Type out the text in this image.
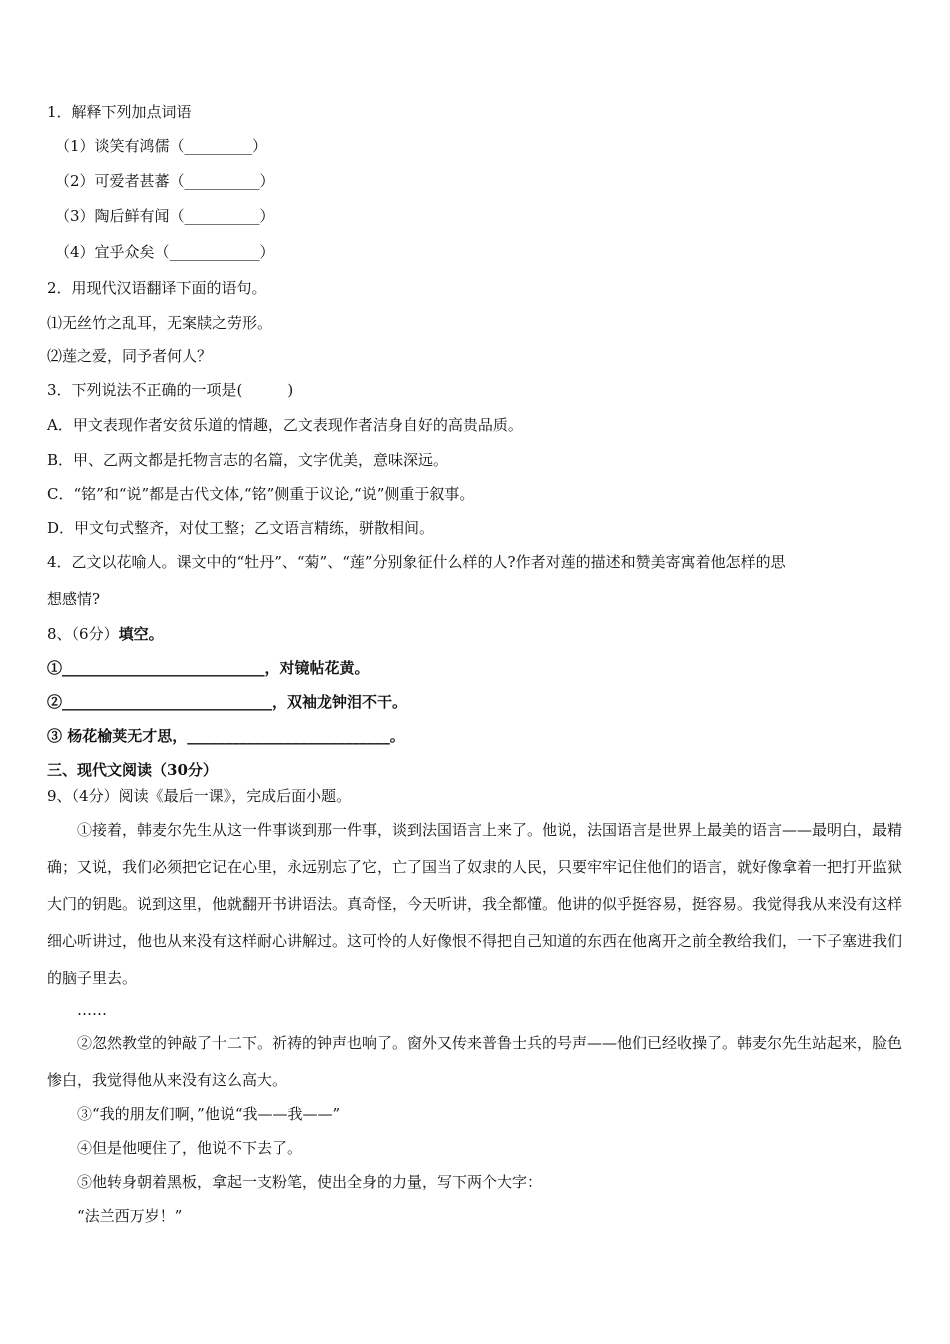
1．解释下列加点词语
（1）谈笑有鸿儒（_________）
（2）可爱者甚蕃（__________）
（3）陶后鲜有闻（__________）
（4）宜乎众矣（____________）
2．用现代汉语翻译下面的语句。
⑴无丝竹之乱耳，无案牍之劳形。
⑵莲之爱，同予者何人？
3．下列说法不正确的一项是(　　　)
A．甲文表现作者安贫乐道的情趣，乙文表现作者洁身自好的高贵品质。
B．甲、乙两文都是托物言志的名篇，文字优美，意味深远。
C．“铭”和“说”都是古代文体,“铭”侧重于议论,“说”侧重于叙事。
D．甲文句式整齐，对仗工整；乙文语言精练，骈散相间。
4．乙文以花喻人。课文中的“牡丹”、“菊”、“莲”分别象征什么样的人?作者对莲的描述和赞美寄寓着他怎样的思
想感情?
8、（6分）填空。
①___________________________，对镜帖花黄。
②____________________________，双袖龙钟泪不干。
③ 杨花榆荚无才思，___________________________。
三、现代文阅读（30分）
9、（4分）阅读《最后一课》，完成后面小题。
①接着，韩麦尔先生从这一件事谈到那一件事，谈到法国语言上来了。他说，法国语言是世界上最美的语言——最明白，最精确；又说，我们必须把它记在心里，永远别忘了它，亡了国当了奴隶的人民，只要牢牢记住他们的语言，就好像拿着一把打开监狱大门的钥匙。说到这里，他就翻开书讲语法。真奇怪，今天听讲，我全都懂。他讲的似乎挺容易，挺容易。我觉得我从来没有这样细心听讲过，他也从来没有这样耐心讲解过。这可怜的人好像恨不得把自己知道的东西在他离开之前全教给我们，一下子塞进我们的脑子里去。
……
②忽然教堂的钟敲了十二下。祈祷的钟声也响了。窗外又传来普鲁士兵的号声——他们已经收操了。韩麦尔先生站起来，脸色惨白，我觉得他从来没有这么高大。
③“我的朋友们啊，”他说“我——我——”
④但是他哽住了，他说不下去了。
⑤他转身朝着黑板，拿起一支粉笔，使出全身的力量，写下两个大字：
“法兰西万岁！”
